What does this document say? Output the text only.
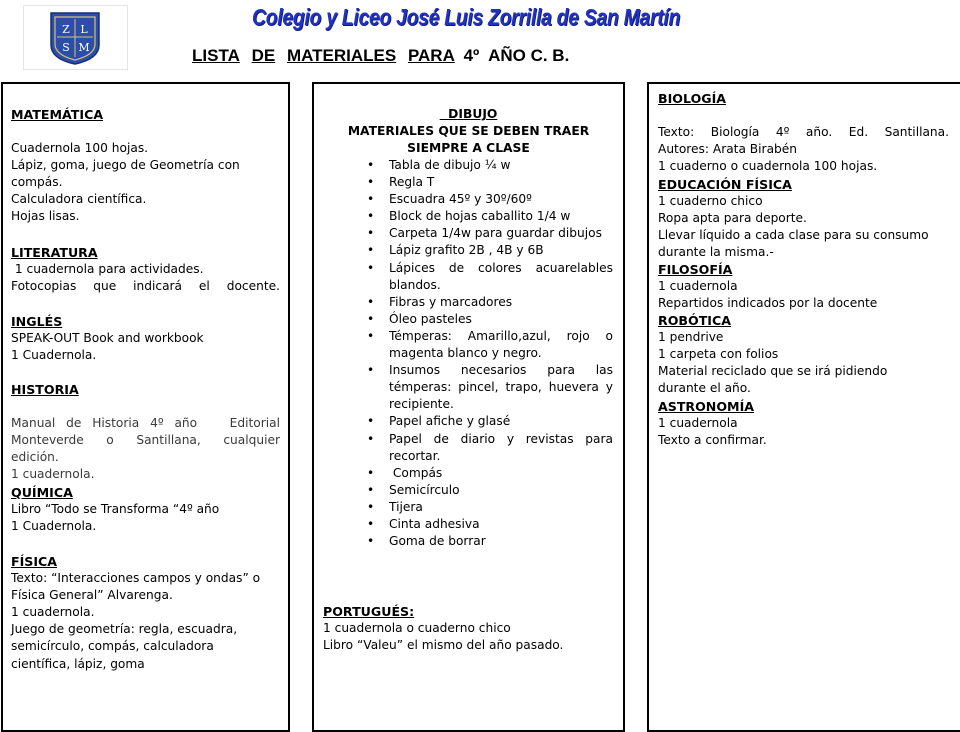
Z L
S M
Colegio y Liceo José Luis Zorrilla de San Martín
LISTA DE MATERIALES PARA 4º  AÑO C. B.
MATEMÁTICA
Cuadernola 100 hojas.
Lápiz, goma, juego de Geometría con
compás.
Calculadora científica.
Hojas lisas.
LITERATURA
1 cuadernola para actividades.
Fotocopias que indicará el docente.
INGLÉS
SPEAK-OUT Book and workbook
1 Cuadernola.
HISTORIA
Manual de Historia 4º año   Editorial
Monteverde o Santillana, cualquier
edición.
1 cuadernola.
QUÍMICA
Libro “Todo se Transforma “4º año
1 Cuadernola.
FÍSICA
Texto: “Interacciones campos y ondas” o
Física General” Alvarenga.
1 cuadernola.
Juego de geometría: regla, escuadra,
semicírculo, compás, calculadora
científica, lápiz, goma
DIBUJO
MATERIALES QUE SE DEBEN TRAER
SIEMPRE A CLASE
• Tabla de dibujo ¼ w
• Regla T
• Escuadra 45º y 30º/60º
• Block de hojas caballito 1/4 w
• Carpeta 1/4w para guardar dibujos
• Lápiz grafito 2B , 4B y 6B
• Lápices de colores acuarelables blandos.
• Fibras y marcadores
• Óleo pasteles
• Témperas: Amarillo,azul, rojo o magenta blanco y negro.
• Insumos necesarios para las témperas: pincel, trapo, huevera y recipiente.
• Papel afiche y glasé
• Papel de diario y revistas para recortar.
•  Compás
• Semicírculo
• Tijera
• Cinta adhesiva
• Goma de borrar
PORTUGUÉS:
1 cuadernola o cuaderno chico
Libro “Valeu” el mismo del año pasado.
BIOLOGÍA
Texto: Biología 4º año. Ed. Santillana.
Autores: Arata Birabén
1 cuaderno o cuadernola 100 hojas.
EDUCACIÓN FÍSICA
1 cuaderno chico
Ropa apta para deporte.
Llevar líquido a cada clase para su consumo
durante la misma.-
FILOSOFÍA
1 cuadernola
Repartidos indicados por la docente
ROBÓTICA
1 pendrive
1 carpeta con folios
Material reciclado que se irá pidiendo
durante el año.
ASTRONOMÍA
1 cuadernola
Texto a confirmar.
